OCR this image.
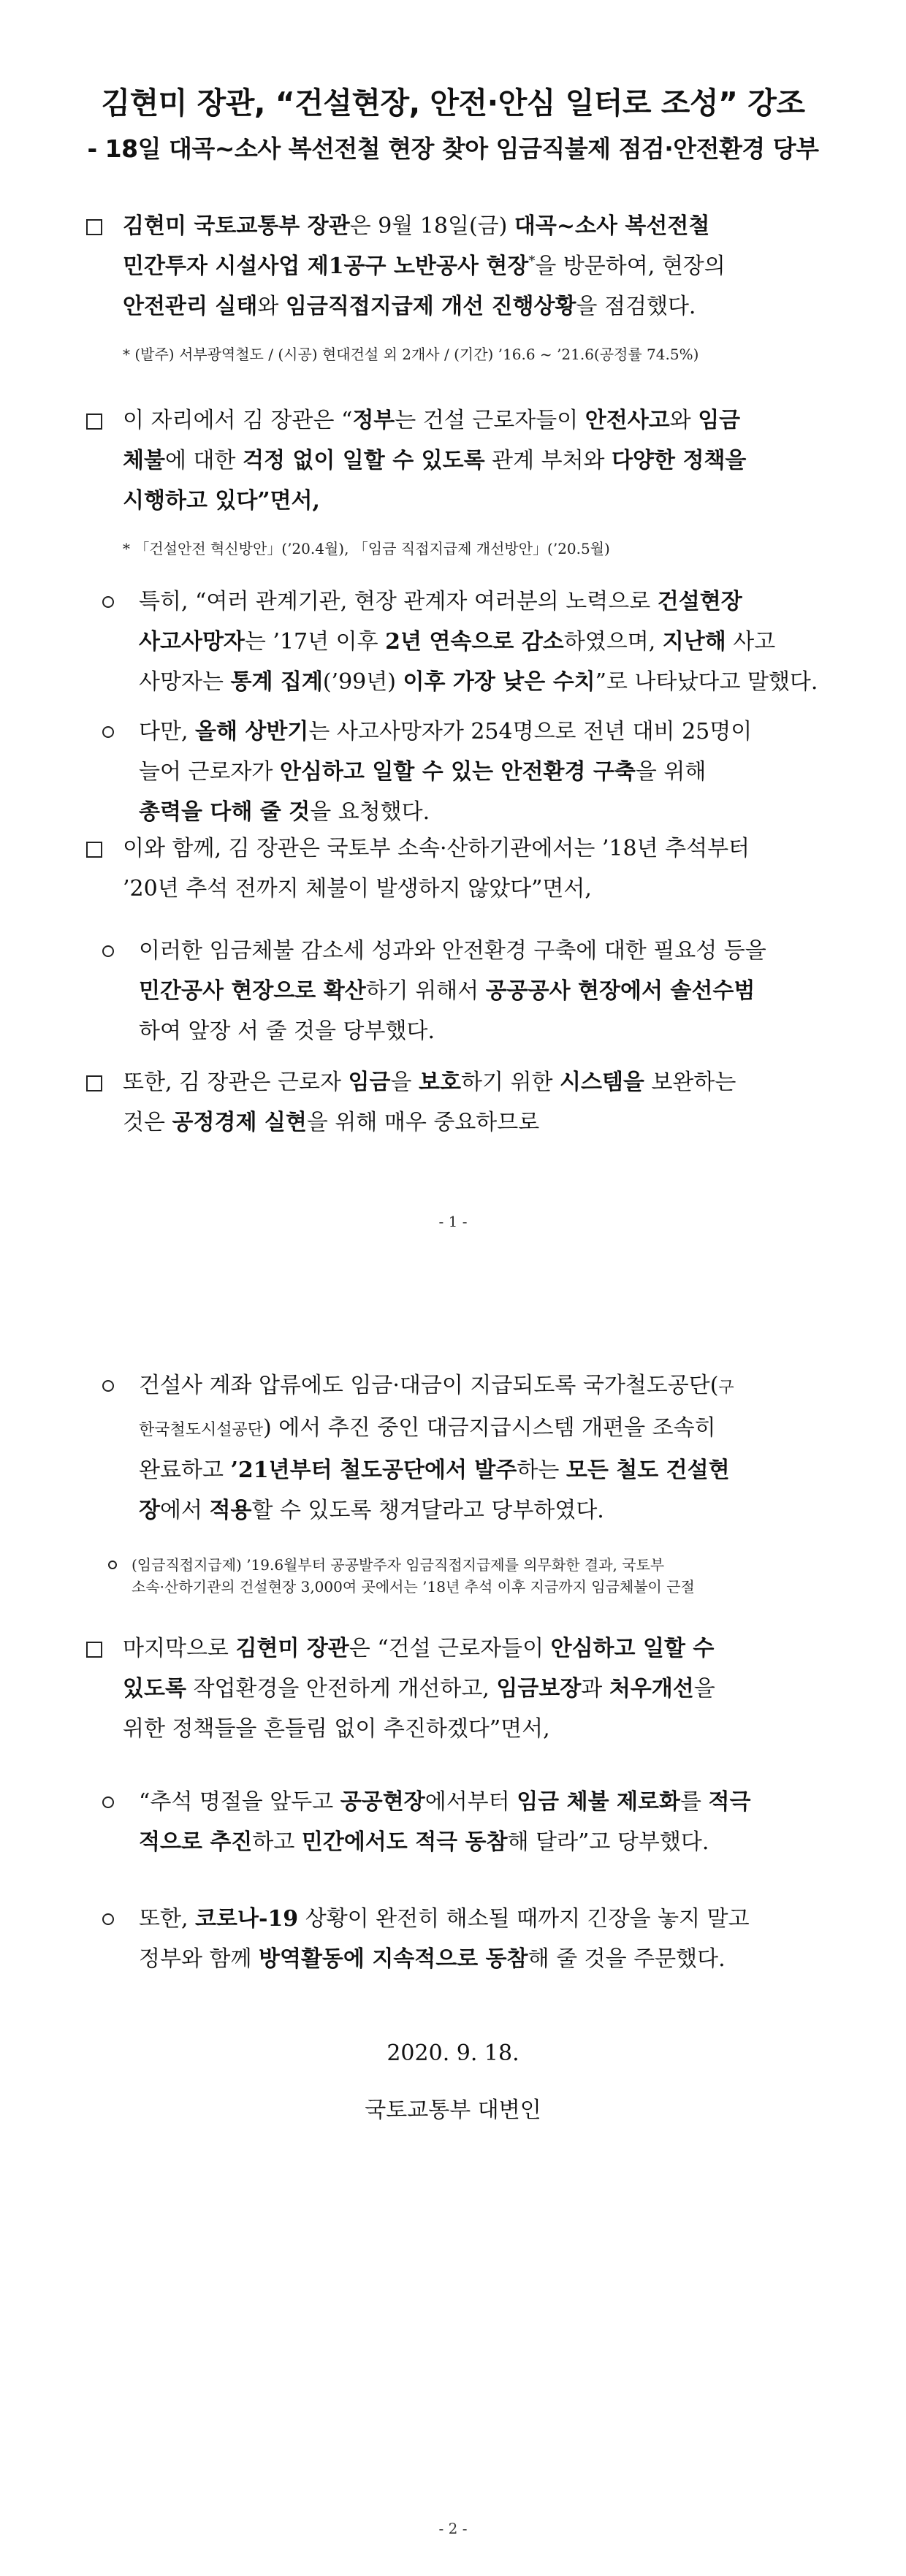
김현미 장관, “건설현장, 안전·안심 일터로 조성” 강조
- 18일 대곡~소사 복선전철 현장 찾아 임금직불제 점검·안전환경 당부

김현미 국토교통부 장관은 9월 18일(금) 대곡~소사 복선전철

민간투자 시설사업 제1공구 노반공사 현장*을 방문하여, 현장의

안전관리 실태와 임금직접지급제 개선 진행상황을 점검했다.

* (발주) 서부광역철도 / (시공) 현대건설 외 2개사 / (기간) ’16.6 ~ ’21.6(공정률 74.5%)

이 자리에서 김 장관은 “정부는 건설 근로자들이 안전사고와 임금

체불에 대한 걱정 없이 일할 수 있도록 관계 부처와 다양한 정책을

시행하고 있다”면서,

* 「건설안전 혁신방안」(’20.4월), 「임금 직접지급제 개선방안」(’20.5월)

특히, “여러 관계기관, 현장 관계자 여러분의 노력으로 건설현장

사고사망자는 ’17년 이후 2년 연속으로 감소하였으며, 지난해 사고

사망자는 통계 집계(’99년) 이후 가장 낮은 수치”로 나타났다고 말했다.

다만, 올해 상반기는 사고사망자가 254명으로 전년 대비 25명이

늘어 근로자가 안심하고 일할 수 있는 안전환경 구축을 위해

총력을 다해 줄 것을 요청했다.

이와 함께, 김 장관은 국토부 소속·산하기관에서는 ’18년 추석부터

’20년 추석 전까지 체불이 발생하지 않았다”면서,

이러한 임금체불 감소세 성과와 안전환경 구축에 대한 필요성 등을

민간공사 현장으로 확산하기 위해서 공공공사 현장에서 솔선수범

하여 앞장 서 줄 것을 당부했다.

또한, 김 장관은 근로자 임금을 보호하기 위한 시스템을 보완하는

것은 공정경제 실현을 위해 매우 중요하므로

- 1 -

건설사 계좌 압류에도 임금·대금이 지급되도록 국가철도공단(구

한국철도시설공단) 에서 추진 중인 대금지급시스템 개편을 조속히

완료하고 ’21년부터 철도공단에서 발주하는 모든 철도 건설현

장에서 적용할 수 있도록 챙겨달라고 당부하였다.

(임금직접지급제) ’19.6월부터 공공발주자 임금직접지급제를 의무화한 결과, 국토부
소속·산하기관의 건설현장 3,000여 곳에서는 ’18년 추석 이후 지금까지 임금체불이 근절

마지막으로 김현미 장관은 “건설 근로자들이 안심하고 일할 수

있도록 작업환경을 안전하게 개선하고, 임금보장과 처우개선을

위한 정책들을 흔들림 없이 추진하겠다”면서,

“추석 명절을 앞두고 공공현장에서부터 임금 체불 제로화를 적극

적으로 추진하고 민간에서도 적극 동참해 달라”고 당부했다.

또한, 코로나-19 상황이 완전히 해소될 때까지 긴장을 놓지 말고

정부와 함께 방역활동에 지속적으로 동참해 줄 것을 주문했다.

2020. 9. 18.
국토교통부 대변인
- 2 -
